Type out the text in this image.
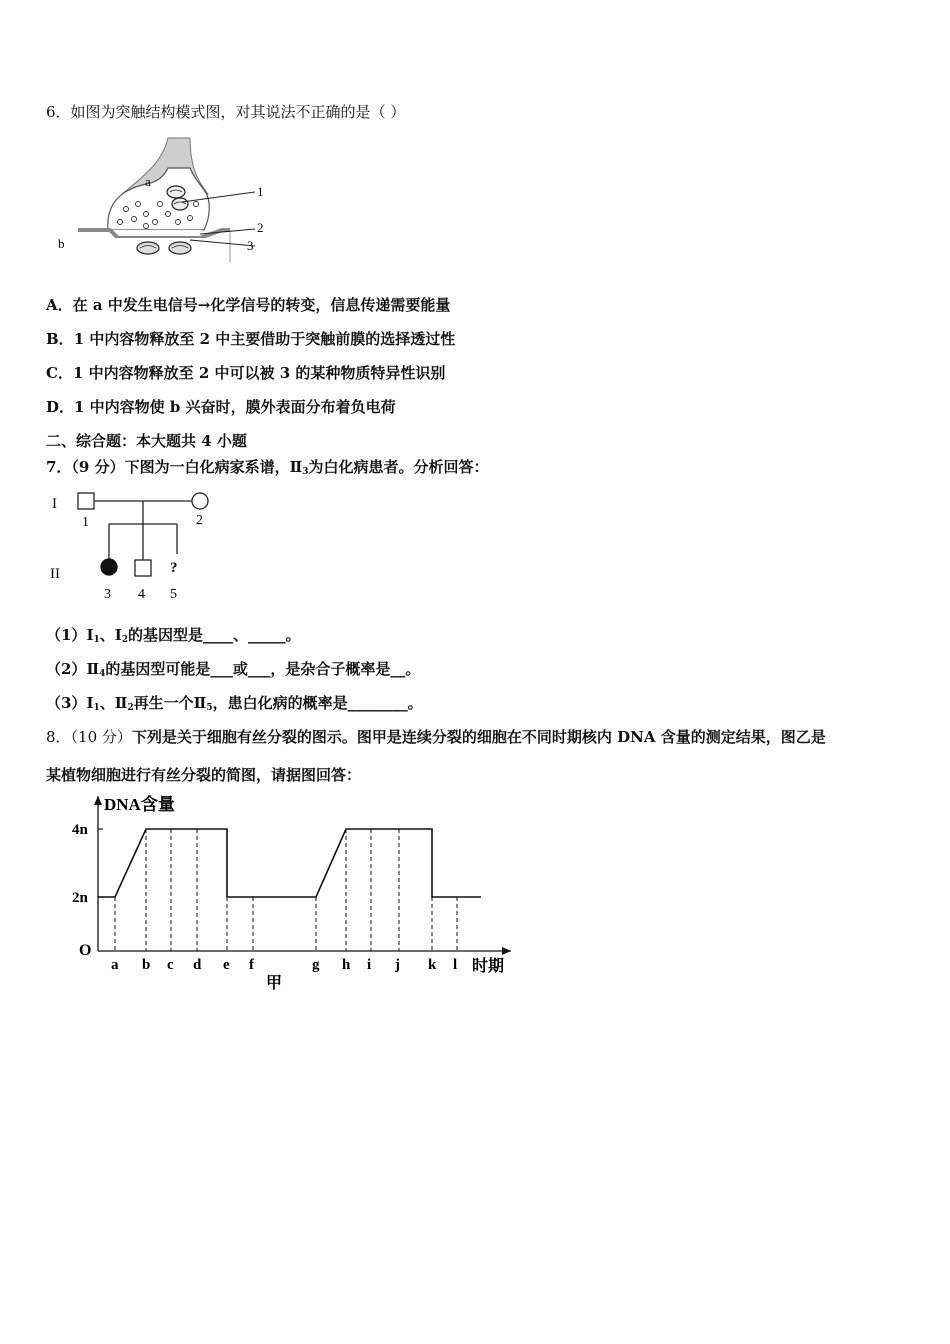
6．如图为突触结构模式图，对其说法不正确的是（ ）
a
b
1
2
3
A．在 a 中发生电信号→化学信号的转变，信息传递需要能量
B．1 中内容物释放至 2 中主要借助于突触前膜的选择透过性
C．1 中内容物释放至 2 中可以被 3 的某种物质特异性识别
D．1 中内容物使 b 兴奋时，膜外表面分布着负电荷
二、综合题：本大题共 4 小题
7．（9 分）下图为一白化病家系谱，$Ⅱ_3$为白化病患者。分析回答：
I
II
1	2
?
3 4 5
$(1)Ⅰ_1$、$Ⅰ_2$的基因型是____、_____。
$(2)Ⅱ_4$的基因型可能是___或___，是杂合子概率是__。
$(3)Ⅰ_1$、$Ⅱ_2$再生一个$Ⅱ_5$，患白化病的概率是________。
8．（10 分）下列是关于细胞有丝分裂的图示。图甲是连续分裂的细胞在不同时期核内 DNA 含量的测定结果，图乙是
某植物细胞进行有丝分裂的简图，请据图回答：
2n
4n
a b c d e f	g h i j k l
DNA含量
时期
O
甲
